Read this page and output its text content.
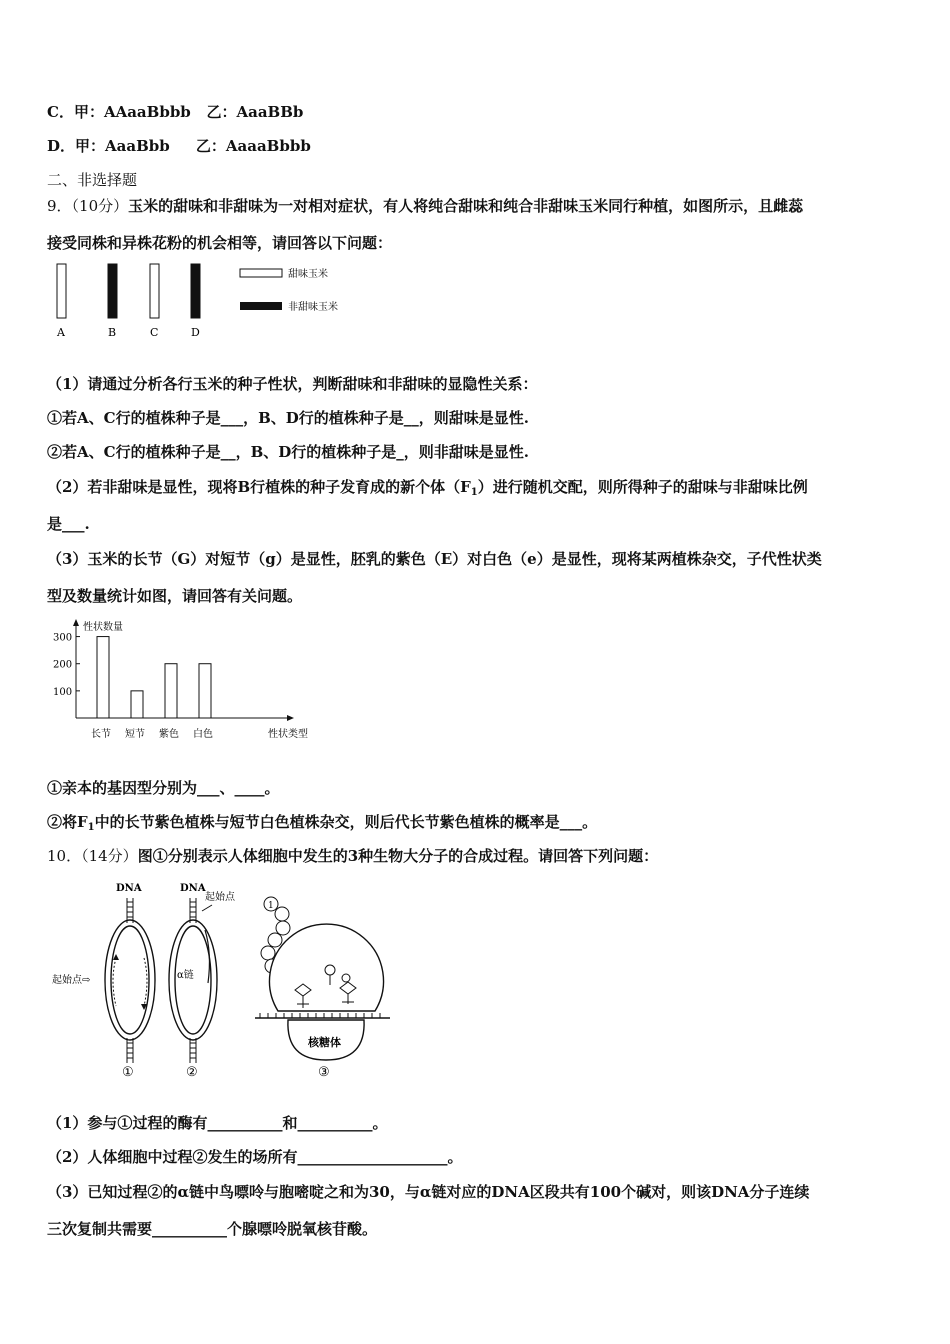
C．甲：AAaaBbbb 乙：AaaBBb
D．甲：AaaBbb 乙：AaaaBbbb
二、非选择题
9．（10分）玉米的甜味和非甜味为一对相对症状，有人将纯合甜味和纯合非甜味玉米同行种植，如图所示，且雌蕊
接受同株和异株花粉的机会相等，请回答以下问题：
A	B	C	D
甜味玉米
非甜味玉米
（1）请通过分析各行玉米的种子性状，判断甜味和非甜味的显隐性关系：
①若A、C行的植株种子是___，B、D行的植株种子是__，则甜味是显性.
②若A、C行的植株种子是__，B、D行的植株种子是_，则非甜味是显性.
（2）若非甜味是显性，现将B行植株的种子发育成的新个体$(F_1)$进行随机交配，则所得种子的甜味与非甜味比例
是___.
（3）玉米的长节（G）对短节（g）是显性，胚乳的紫色（E）对白色（e）是显性，现将某两植株杂交，子代性状类
型及数量统计如图，请回答有关问题。
性状数量
性状类型
100
200
300
长节 短节 紫色 白色
①亲本的基因型分别为___、____。
②将$F_1$中的长节紫色植株与短节白色植株杂交，则后代长节紫色植株的概率是___。
10．（14分）图①分别表示人体细胞中发生的3种生物大分子的合成过程。请回答下列问题：
DNA
起始点⇨
①
DNA
起始点
α链
②
1
核糖体
③
（1）参与①过程的酶有__________和__________。
（2）人体细胞中过程②发生的场所有____________________。
（3）已知过程②的α链中鸟嘌呤与胞嘧啶之和为30，与α链对应的DNA区段共有100个碱对，则该DNA分子连续
三次复制共需要__________个腺嘌呤脱氧核苷酸。
